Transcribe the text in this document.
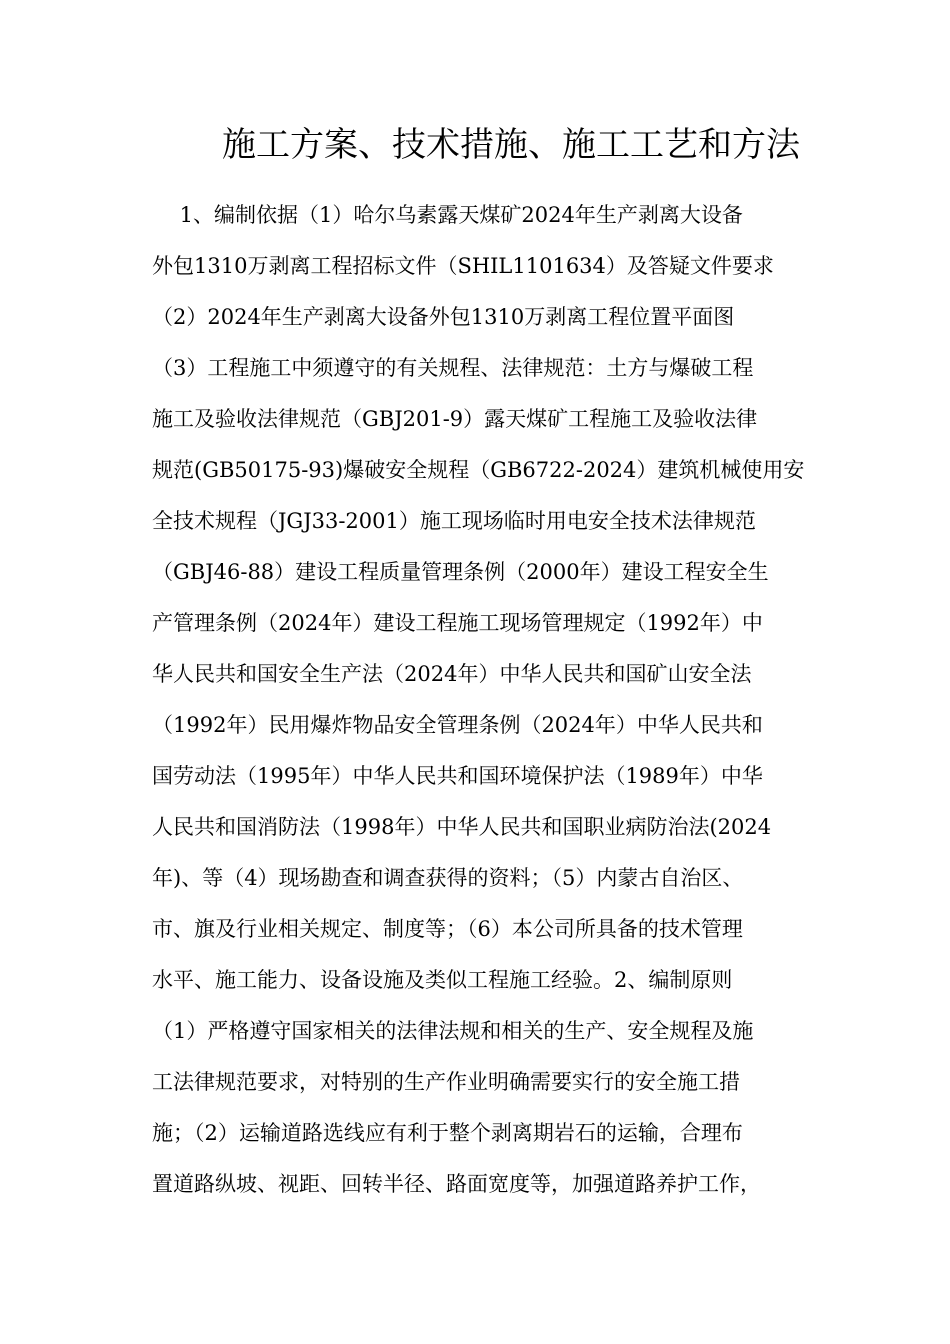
施工方案、技术措施、施工工艺和方法
　 1、编制依据（1）哈尔乌素露天煤矿2024年生产剥离大设备
外包1310万剥离工程招标文件（SHIL1101634）及答疑文件要求
（2）2024年生产剥离大设备外包1310万剥离工程位置平面图
（3）工程施工中须遵守的有关规程、法律规范：土方与爆破工程
施工及验收法律规范（GBJ201-9）露天煤矿工程施工及验收法律
规范(GB50175-93)爆破安全规程（GB6722-2024）建筑机械使用安
全技术规程（JGJ33-2001）施工现场临时用电安全技术法律规范
（GBJ46-88）建设工程质量管理条例（2000年）建设工程安全生
产管理条例（2024年）建设工程施工现场管理规定（1992年）中
华人民共和国安全生产法（2024年）中华人民共和国矿山安全法
（1992年）民用爆炸物品安全管理条例（2024年）中华人民共和
国劳动法（1995年）中华人民共和国环境保护法（1989年）中华
人民共和国消防法（1998年）中华人民共和国职业病防治法(2024
年)、等（4）现场勘查和调查获得的资料；（5）内蒙古自治区、
市、旗及行业相关规定、制度等；（6）本公司所具备的技术管理
水平、施工能力、设备设施及类似工程施工经验。2、编制原则
（1）严格遵守国家相关的法律法规和相关的生产、安全规程及施
工法律规范要求，对特别的生产作业明确需要实行的安全施工措
施；（2）运输道路选线应有利于整个剥离期岩石的运输，合理布
置道路纵坡、视距、回转半径、路面宽度等，加强道路养护工作，
